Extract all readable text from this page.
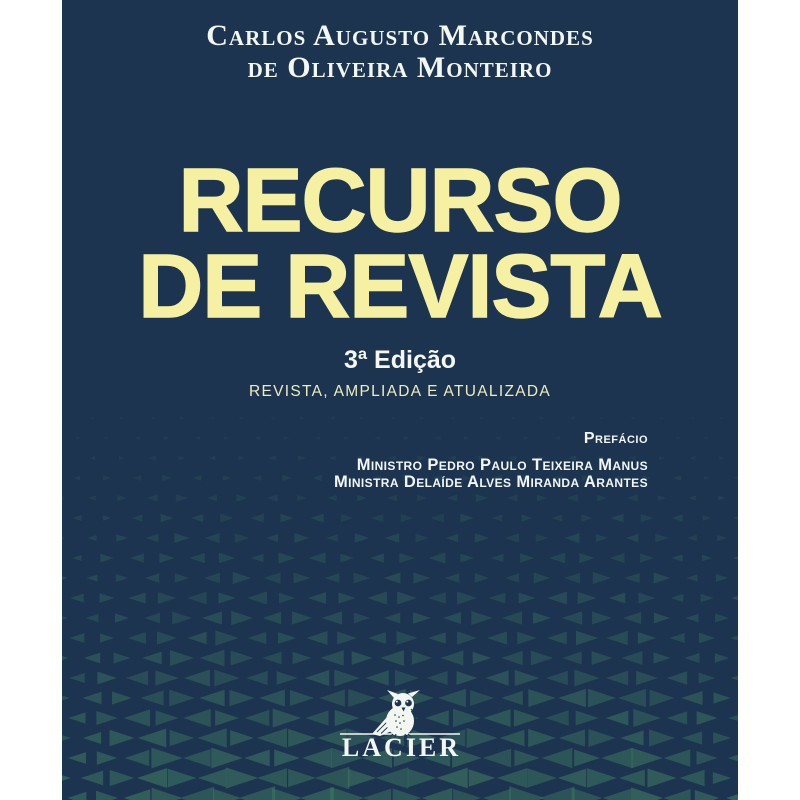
Carlos Augusto Marcondes
de Oliveira Monteiro
RECURSO
DE REVISTA
3ª Edição
REVISTA, AMPLIADA E ATUALIZADA
Prefácio
Ministro Pedro Paulo Teixeira Manus
Ministra Delaíde Alves Miranda Arantes
LACIER
